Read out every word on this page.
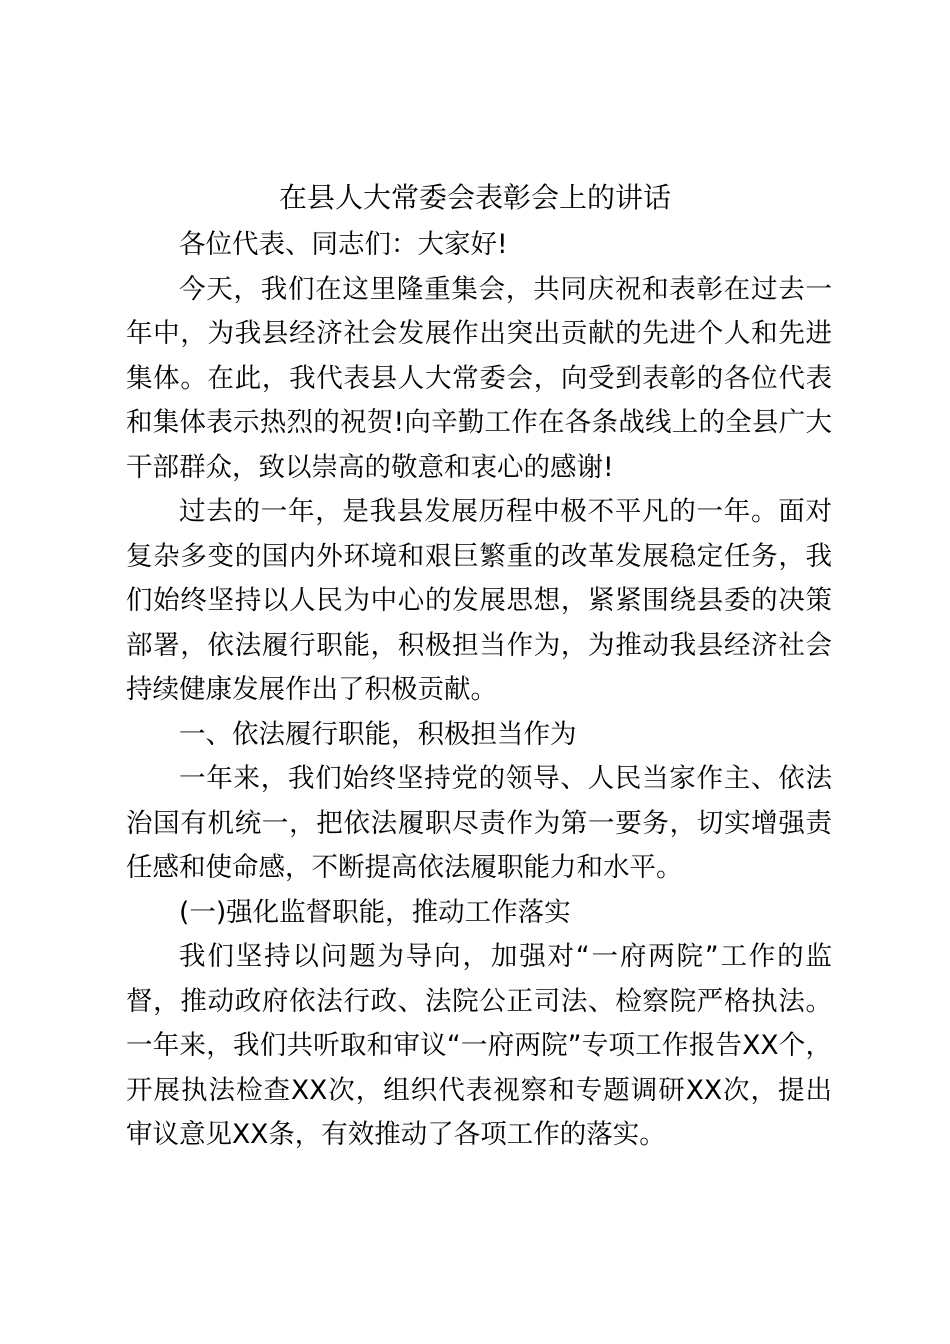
在县人大常委会表彰会上的讲话

各位代表、同志们：大家好!

今天，我们在这里隆重集会，共同庆祝和表彰在过去一年中，为我县经济社会发展作出突出贡献的先进个人和先进集体。在此，我代表县人大常委会，向受到表彰的各位代表和集体表示热烈的祝贺!向辛勤工作在各条战线上的全县广大干部群众，致以崇高的敬意和衷心的感谢!

过去的一年，是我县发展历程中极不平凡的一年。面对复杂多变的国内外环境和艰巨繁重的改革发展稳定任务，我们始终坚持以人民为中心的发展思想，紧紧围绕县委的决策部署，依法履行职能，积极担当作为，为推动我县经济社会持续健康发展作出了积极贡献。

一、依法履行职能，积极担当作为

一年来，我们始终坚持党的领导、人民当家作主、依法治国有机统一，把依法履职尽责作为第一要务，切实增强责任感和使命感，不断提高依法履职能力和水平。

(一)强化监督职能，推动工作落实

我们坚持以问题为导向，加强对“一府两院”工作的监督，推动政府依法行政、法院公正司法、检察院严格执法。一年来，我们共听取和审议“一府两院”专项工作报告XX个，开展执法检查XX次，组织代表视察和专题调研XX次，提出审议意见XX条，有效推动了各项工作的落实。
